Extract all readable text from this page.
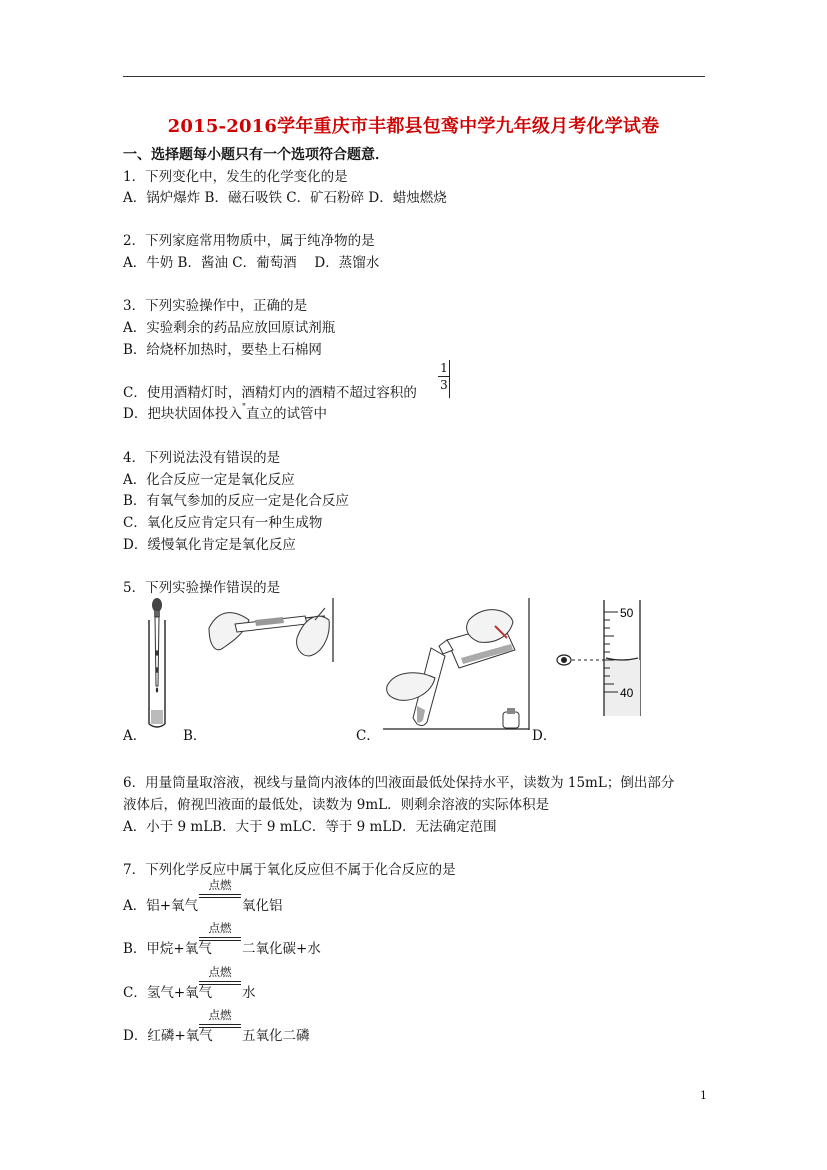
2015-2016学年重庆市丰都县包鸾中学九年级月考化学试卷
一、选择题每小题只有一个选项符合题意．
1．下列变化中，发生的化学变化的是
A．锅炉爆炸 B．磁石吸铁 C．矿石粉碎 D．蜡烛燃烧
2．下列家庭常用物质中，属于纯净物的是
A．牛奶 B．酱油 C．葡萄酒　 D．蒸馏水
3．下列实验操作中，正确的是
A．实验剩余的药品应放回原试剂瓶
B．给烧杯加热时，要垫上石棉网
C．使用酒精灯时，酒精灯内的酒精不超过容积的
1
3
D．把块状固体投入"直立的试管中
4．下列说法没有错误的是
A．化合反应一定是氧化反应
B．有氧气参加的反应一定是化合反应
C．氧化反应肯定只有一种生成物
D．缓慢氧化肯定是氧化反应
5．下列实验操作错误的是
50
40
A．	B．	C．	D．
6．用量筒量取溶液，视线与量筒内液体的凹液面最低处保持水平，读数为 15mL；倒出部分
液体后，俯视凹液面的最低处，读数为 9mL．则剩余溶液的实际体积是
A．小于 9 mLB．大于 9 mLC．等于 9 mLD．无法确定范围
7．下列化学反应中属于氧化反应但不属于化合反应的是
A．铝+氧气
点燃
氧化铝
B．甲烷+氧气
点燃
二氧化碳+水
C．氢气+氧气
点燃
水
D．红磷+氧气
点燃
五氧化二磷
1
